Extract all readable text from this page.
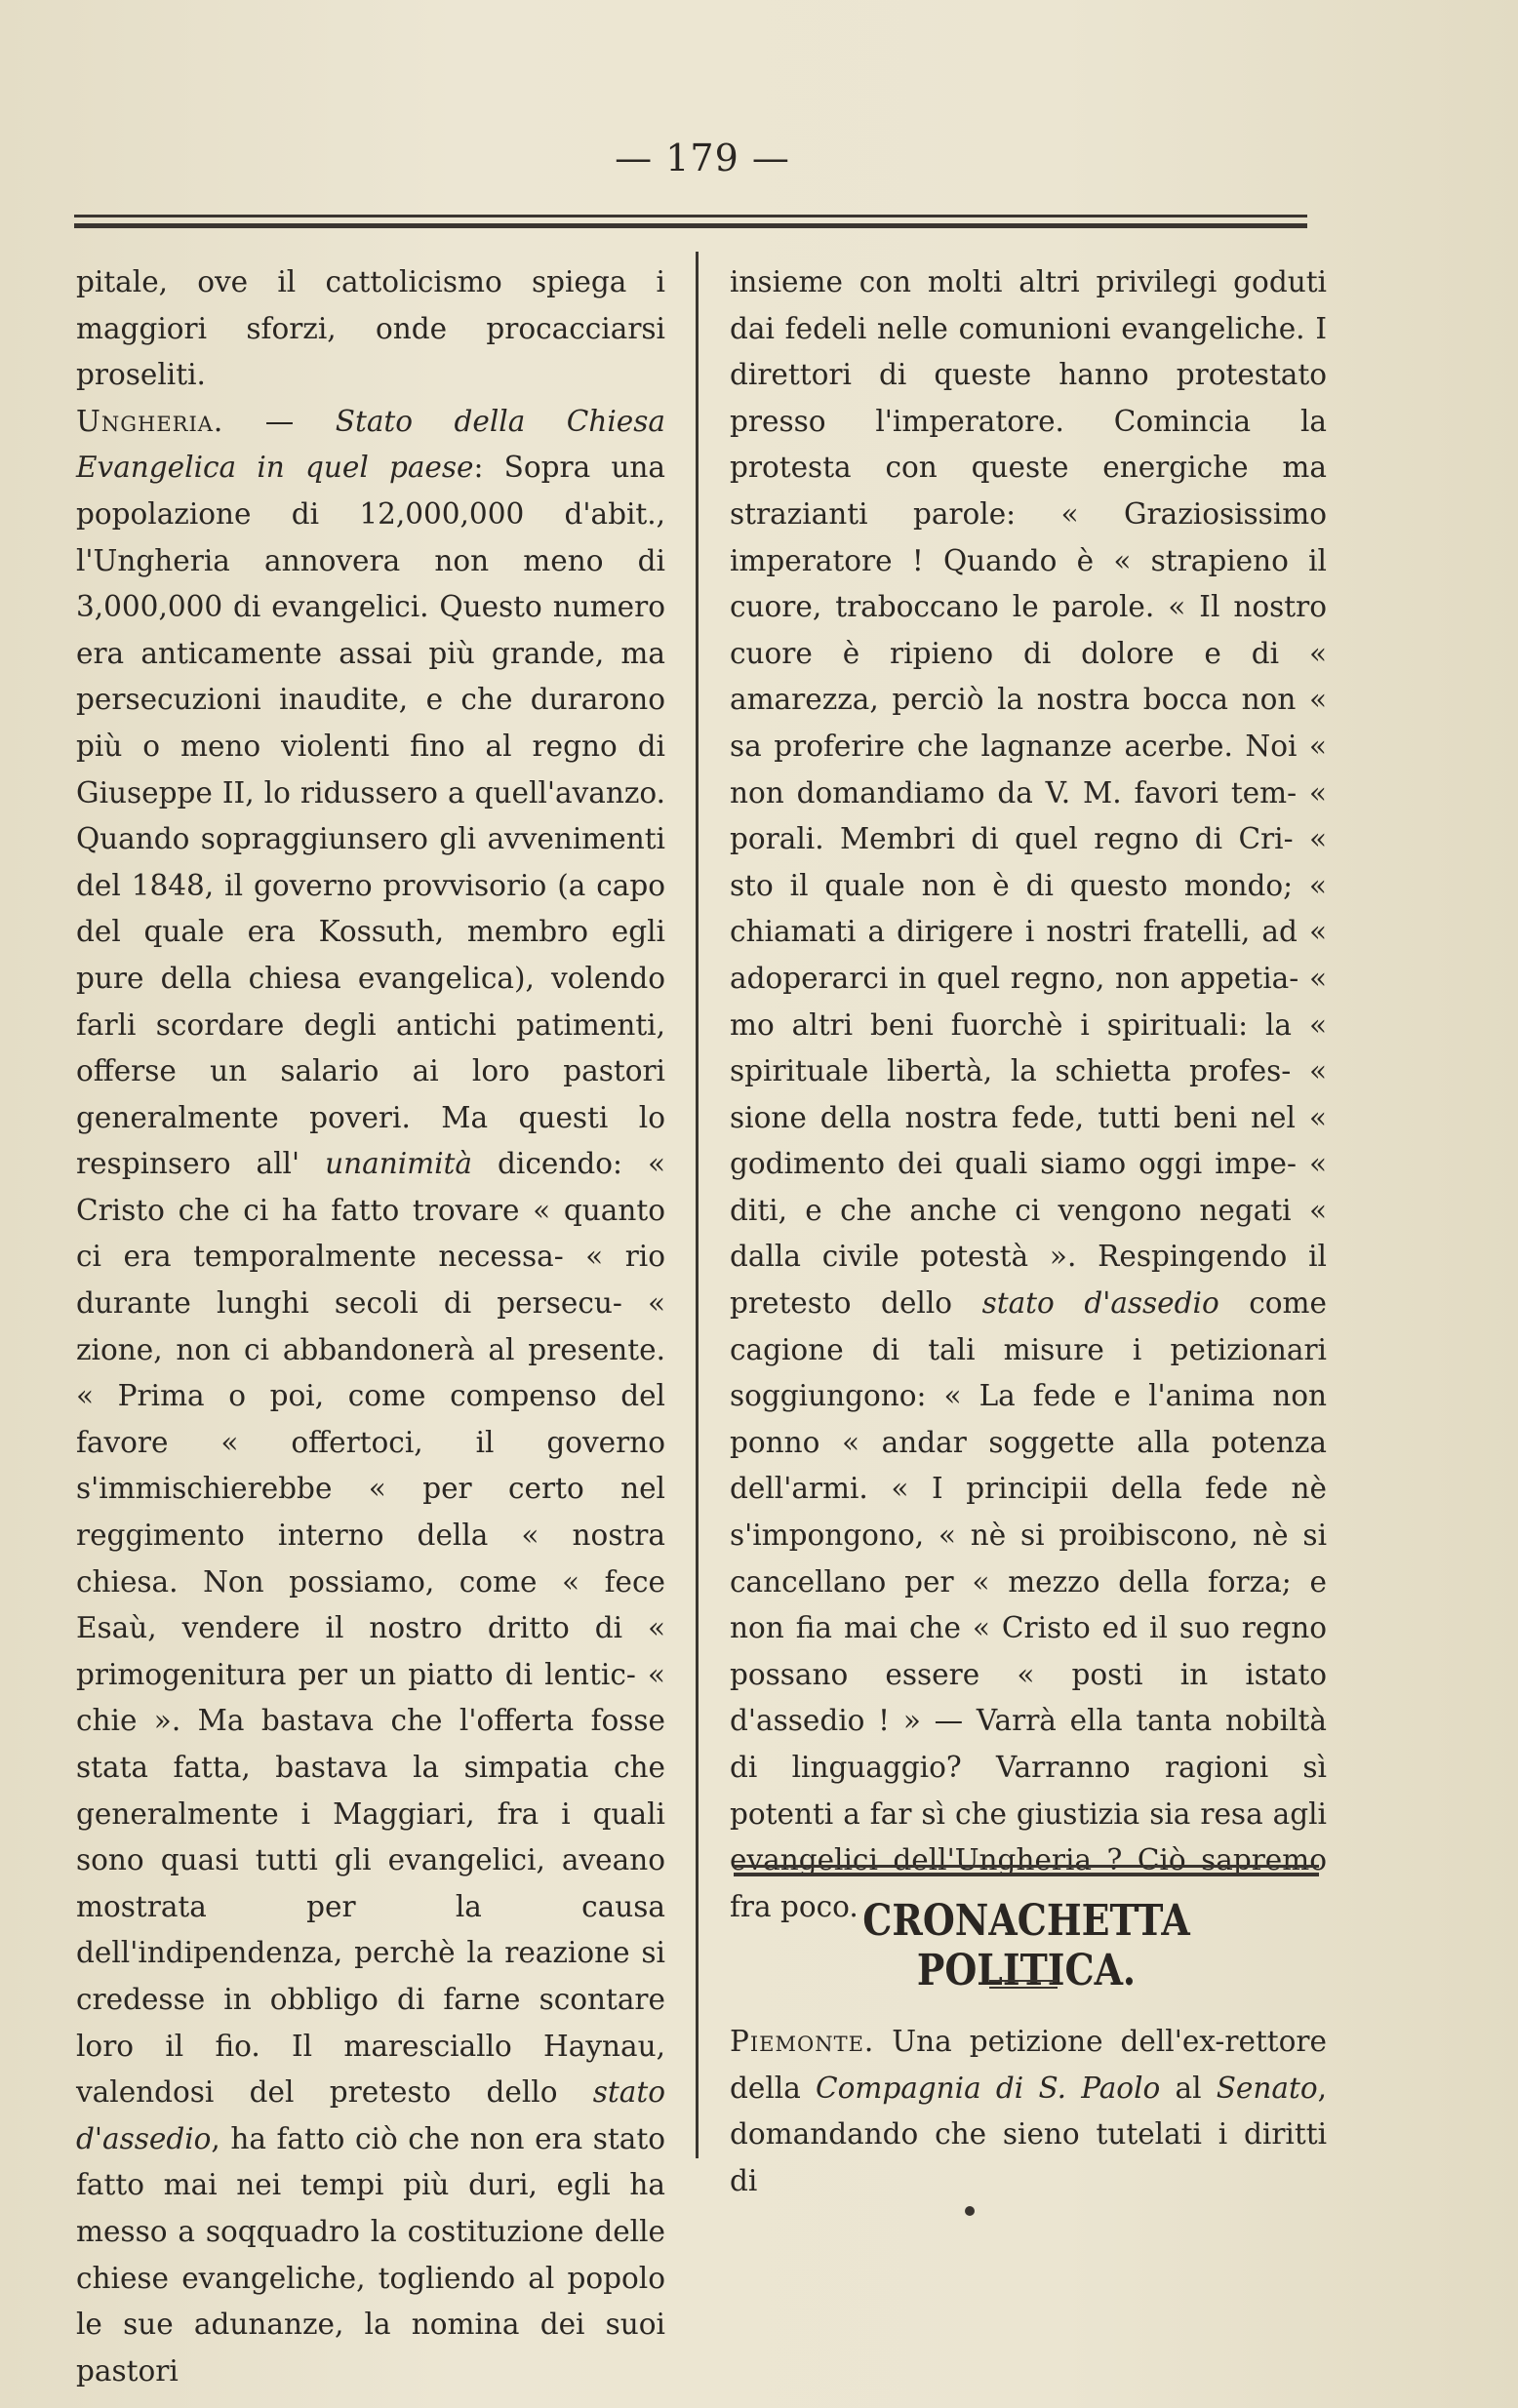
— 179 —

pitale, ove il cattolicismo spiega i maggiori sforzi, onde procacciarsi proseliti.

Ungheria. — Stato della Chiesa Evangelica in quel paese: Sopra una popolazione di 12,000,000 d'abit., l'Ungheria annovera non meno di 3,000,000 di evangelici. Questo numero era anticamente assai più grande, ma persecuzioni inaudite, e che durarono più o meno violenti fino al regno di Giuseppe II, lo ridussero a quell'avanzo. Quando sopraggiunsero gli avvenimenti del 1848, il governo provvisorio (a capo del quale era Kossuth, membro egli pure della chiesa evangelica), volendo farli scordare degli antichi patimenti, offerse un salario ai loro pastori generalmente poveri. Ma questi lo respinsero all' unanimità dicendo: « Cristo che ci ha fatto trovare « quanto ci era temporalmente necessa- « rio durante lunghi secoli di persecu- « zione, non ci abbandonerà al presente. « Prima o poi, come compenso del favore « offertoci, il governo s'immischierebbe « per certo nel reggimento interno della « nostra chiesa. Non possiamo, come « fece Esaù, vendere il nostro dritto di « primogenitura per un piatto di lentic- « chie ». Ma bastava che l'offerta fosse stata fatta, bastava la simpatia che generalmente i Maggiari, fra i quali sono quasi tutti gli evangelici, aveano mostrata per la causa dell'indipendenza, perchè la reazione si credesse in obbligo di farne scontare loro il fio. Il maresciallo Haynau, valendosi del pretesto dello stato d'assedio, ha fatto ciò che non era stato fatto mai nei tempi più duri, egli ha messo a soqquadro la costituzione delle chiese evangeliche, togliendo al popolo le sue adunanze, la nomina dei suoi pastori

insieme con molti altri privilegi goduti dai fedeli nelle comunioni evangeliche. I direttori di queste hanno protestato presso l'imperatore. Comincia la protesta con queste energiche ma strazianti parole: « Graziosissimo imperatore ! Quando è « strapieno il cuore, traboccano le parole. « Il nostro cuore è ripieno di dolore e di « amarezza, perciò la nostra bocca non « sa proferire che lagnanze acerbe. Noi « non domandiamo da V. M. favori tem- « porali. Membri di quel regno di Cri- « sto il quale non è di questo mondo; « chiamati a dirigere i nostri fratelli, ad « adoperarci in quel regno, non appetia- « mo altri beni fuorchè i spirituali: la « spirituale libertà, la schietta profes- « sione della nostra fede, tutti beni nel « godimento dei quali siamo oggi impe- « diti, e che anche ci vengono negati « dalla civile potestà ». Respingendo il pretesto dello stato d'assedio come cagione di tali misure i petizionari soggiungono: « La fede e l'anima non ponno « andar soggette alla potenza dell'armi. « I principii della fede nè s'impongono, « nè si proibiscono, nè si cancellano per « mezzo della forza; e non fia mai che « Cristo ed il suo regno possano essere « posti in istato d'assedio ! » — Varrà ella tanta nobiltà di linguaggio? Varranno ragioni sì potenti a far sì che giustizia sia resa agli evangelici dell'Ungheria ? Ciò sapremo fra poco. CRONACHETTA POLITICA.

Piemonte. Una petizione dell'ex-rettore della Compagnia di S. Paolo al Senato, domandando che sieno tutelati i diritti di
